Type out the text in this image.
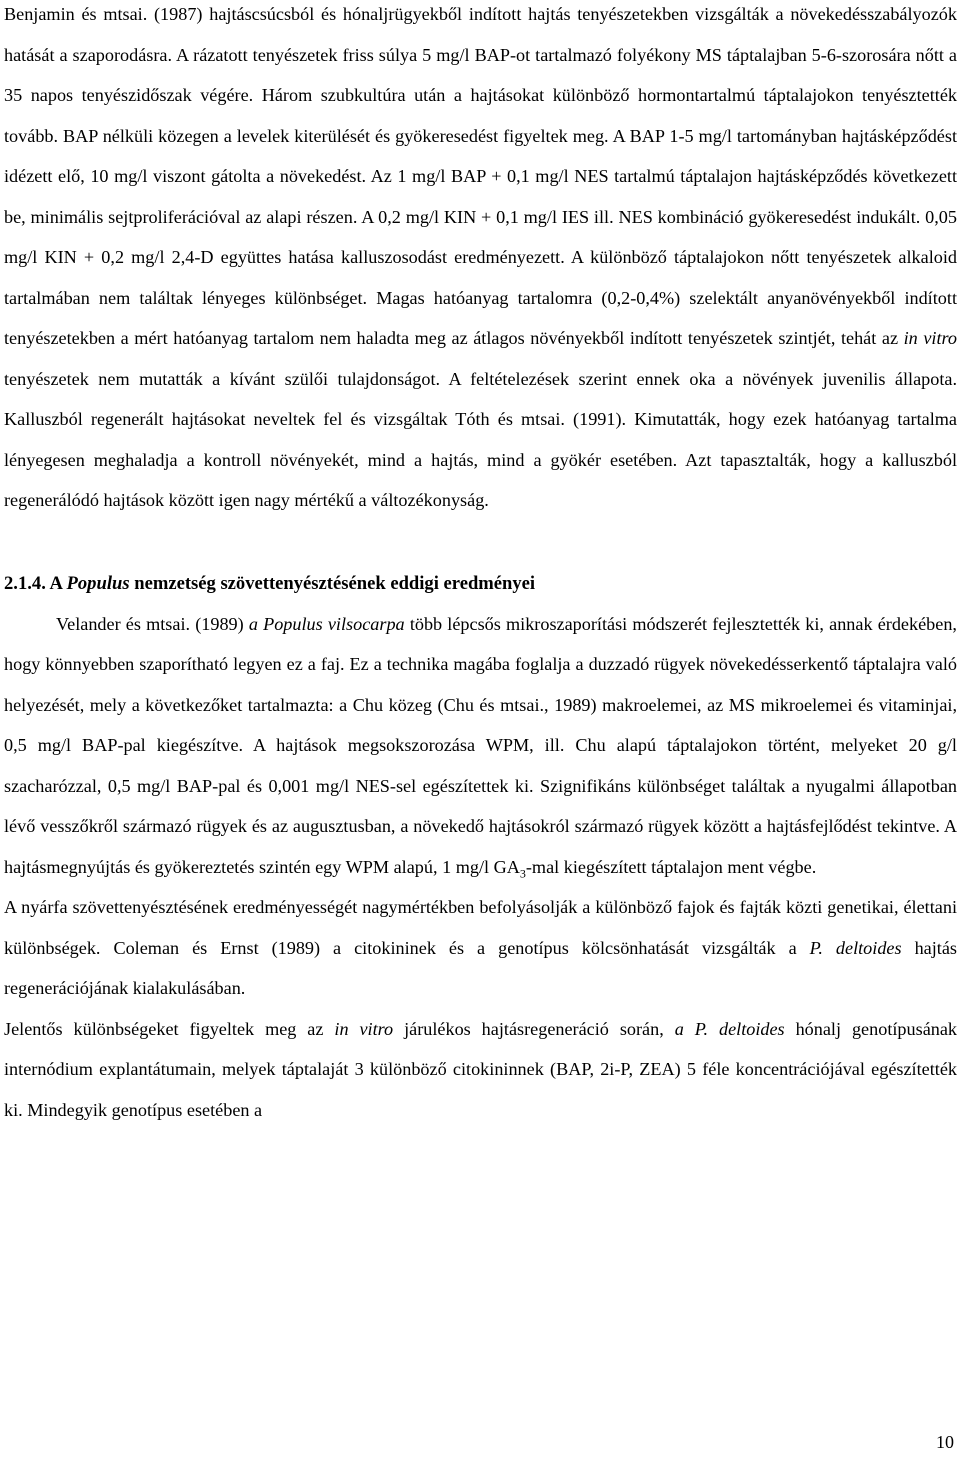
Benjamin és mtsai. (1987) hajtáscsúcsból és hónaljrügyekből indított hajtás tenyészetekben vizsgálták a növekedésszabályozók hatását a szaporodásra. A rázatott tenyészetek friss súlya 5 mg/l BAP-ot tartalmazó folyékony MS táptalajban 5-6-szorosára nőtt a 35 napos tenyészidőszak végére. Három szubkultúra után a hajtásokat különböző hormontartalmú táptalajokon tenyésztették tovább. BAP nélküli közegen a levelek kiterülését és gyökeresedést figyeltek meg. A BAP 1-5 mg/l tartományban hajtásképződést idézett elő, 10 mg/l viszont gátolta a növekedést. Az 1 mg/l BAP + 0,1 mg/l NES tartalmú táptalajon hajtásképződés következett be, minimális sejtproliferációval az alapi részen. A 0,2 mg/l KIN + 0,1 mg/l IES ill. NES kombináció gyökeresedést indukált. 0,05 mg/l KIN + 0,2 mg/l 2,4-D együttes hatása kalluszosodást eredményezett. A különböző táptalajokon nőtt tenyészetek alkaloid tartalmában nem találtak lényeges különbséget. Magas hatóanyag tartalomra (0,2-0,4%) szelektált anyanövényekből indított tenyészetekben a mért hatóanyag tartalom nem haladta meg az átlagos növényekből indított tenyészetek szintjét, tehát az in vitro tenyészetek nem mutatták a kívánt szülői tulajdonságot. A feltételezések szerint ennek oka a növények juvenilis állapota. Kalluszból regenerált hajtásokat neveltek fel és vizsgáltak Tóth és mtsai. (1991). Kimutatták, hogy ezek hatóanyag tartalma lényegesen meghaladja a kontroll növényekét, mind a hajtás, mind a gyökér esetében. Azt tapasztalták, hogy a kalluszból regenerálódó hajtások között igen nagy mértékű a változékonyság.

2.1.4. A Populus nemzetség szövettenyésztésének eddigi eredményei

Velander és mtsai. (1989) a Populus vilsocarpa több lépcsős mikroszaporítási módszerét fejlesztették ki, annak érdekében, hogy könnyebben szaporítható legyen ez a faj. Ez a technika magába foglalja a duzzadó rügyek növekedésserkentő táptalajra való helyezését, mely a következőket tartalmazta: a Chu közeg (Chu és mtsai., 1989) makroelemei, az MS mikroelemei és vitaminjai, 0,5 mg/l BAP-pal kiegészítve. A hajtások megsokszorozása WPM, ill. Chu alapú táptalajokon történt, melyeket 20 g/l szacharózzal, 0,5 mg/l BAP-pal és 0,001 mg/l NES-sel egészítettek ki. Szignifikáns különbséget találtak a nyugalmi állapotban lévő vesszőkről származó rügyek és az augusztusban, a növekedő hajtásokról származó rügyek között a hajtásfejlődést tekintve. A hajtásmegnyújtás és gyökereztetés szintén egy WPM alapú, 1 mg/l $GA_3$-mal kiegészített táptalajon ment végbe.

A nyárfa szövettenyésztésének eredményességét nagymértékben befolyásolják a különböző fajok és fajták közti genetikai, élettani különbségek. Coleman és Ernst (1989) a citokininek és a genotípus kölcsönhatását vizsgálták a P. deltoides hajtás regenerációjának kialakulásában.

Jelentős különbségeket figyeltek meg az in vitro járulékos hajtásregeneráció során, a P. deltoides hónalj genotípusának internódium explantátumain, melyek táptalaját 3 különböző citokininnek (BAP, 2i-P, ZEA) 5 féle koncentrációjával egészítették ki. Mindegyik genotípus esetében a

10
